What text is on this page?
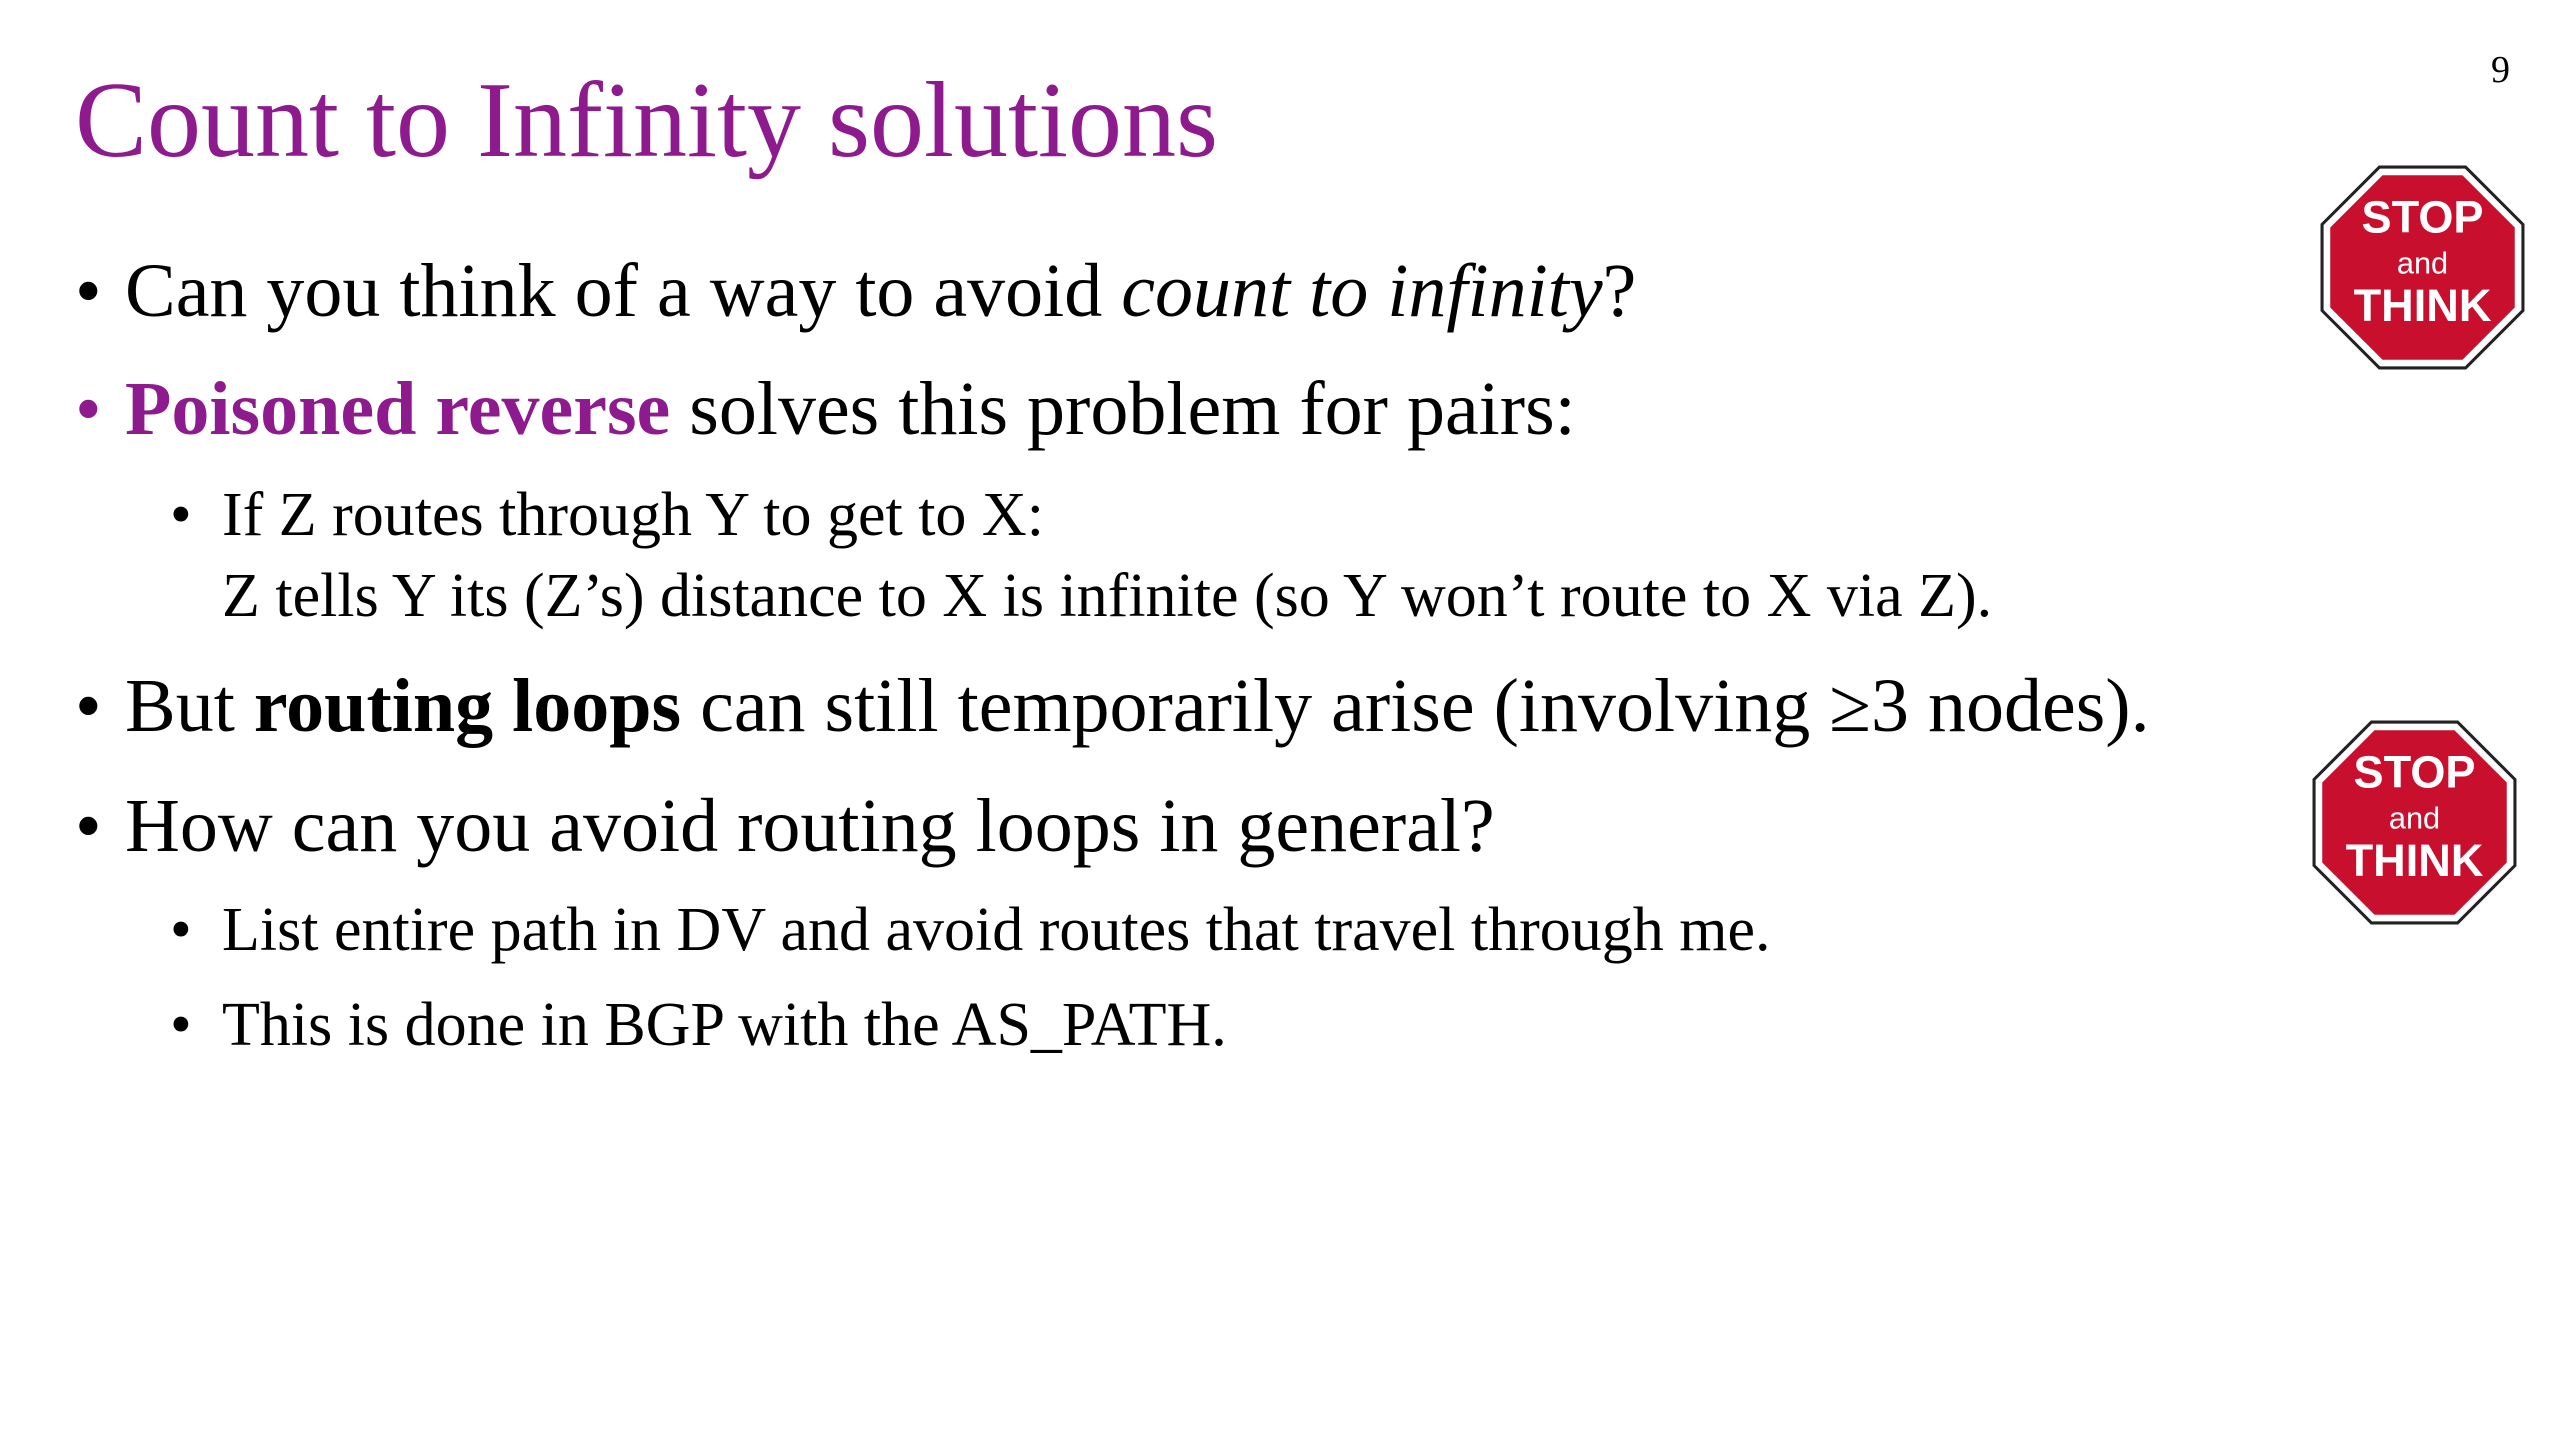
9
Count to Infinity solutions
• Can you think of a way to avoid count to infinity?
• Poisoned reverse solves this problem for pairs:
• If Z routes through Y to get to X:
Z tells Y its (Z’s) distance to X is infinite (so Y won’t route to X via Z).
• But routing loops can still temporarily arise (involving ≥3 nodes).
• How can you avoid routing loops in general?
• List entire path in DV and avoid routes that travel through me.
• This is done in BGP with the AS_PATH.
STOP
and
THINK
STOP
and
THINK
